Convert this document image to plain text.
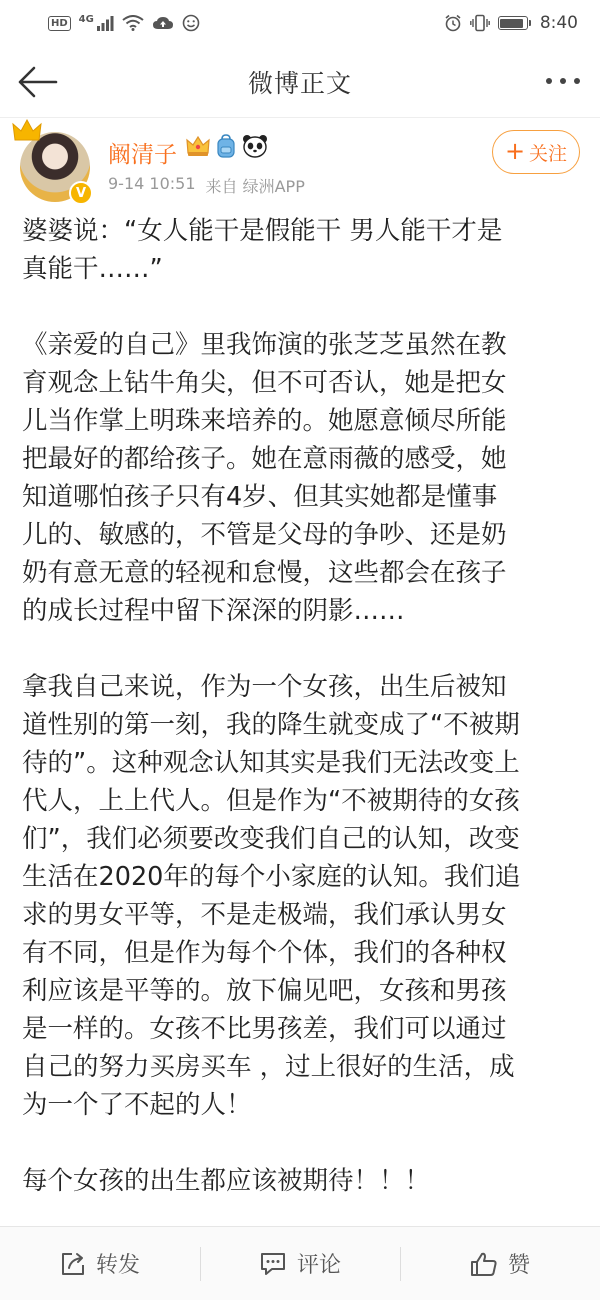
HD	4G	8:40
微博正文
V
阚清子
9-14 10:51 来自 绿洲APP
+ 关注

婆婆说：“女人能干是假能干 男人能干才是
真能干……”

《亲爱的自己》里我饰演的张芝芝虽然在教
育观念上钻牛角尖，但不可否认，她是把女
儿当作掌上明珠来培养的。她愿意倾尽所能
把最好的都给孩子。她在意雨薇的感受，她
知道哪怕孩子只有4岁、但其实她都是懂事
儿的、敏感的，不管是父母的争吵、还是奶
奶有意无意的轻视和怠慢，这些都会在孩子
的成长过程中留下深深的阴影……

拿我自己来说，作为一个女孩，出生后被知
道性别的第一刻，我的降生就变成了“不被期
待的”。这种观念认知其实是我们无法改变上
代人，上上代人。但是作为“不被期待的女孩
们”，我们必须要改变我们自己的认知，改变
生活在2020年的每个小家庭的认知。我们追
求的男女平等，不是走极端，我们承认男女
有不同，但是作为每个个体，我们的各种权
利应该是平等的。放下偏见吧，女孩和男孩
是一样的。女孩不比男孩差，我们可以通过
自己的努力买房买车 ，过上很好的生活，成
为一个了不起的人！

每个女孩的出生都应该被期待！！！

转发	评论	赞
